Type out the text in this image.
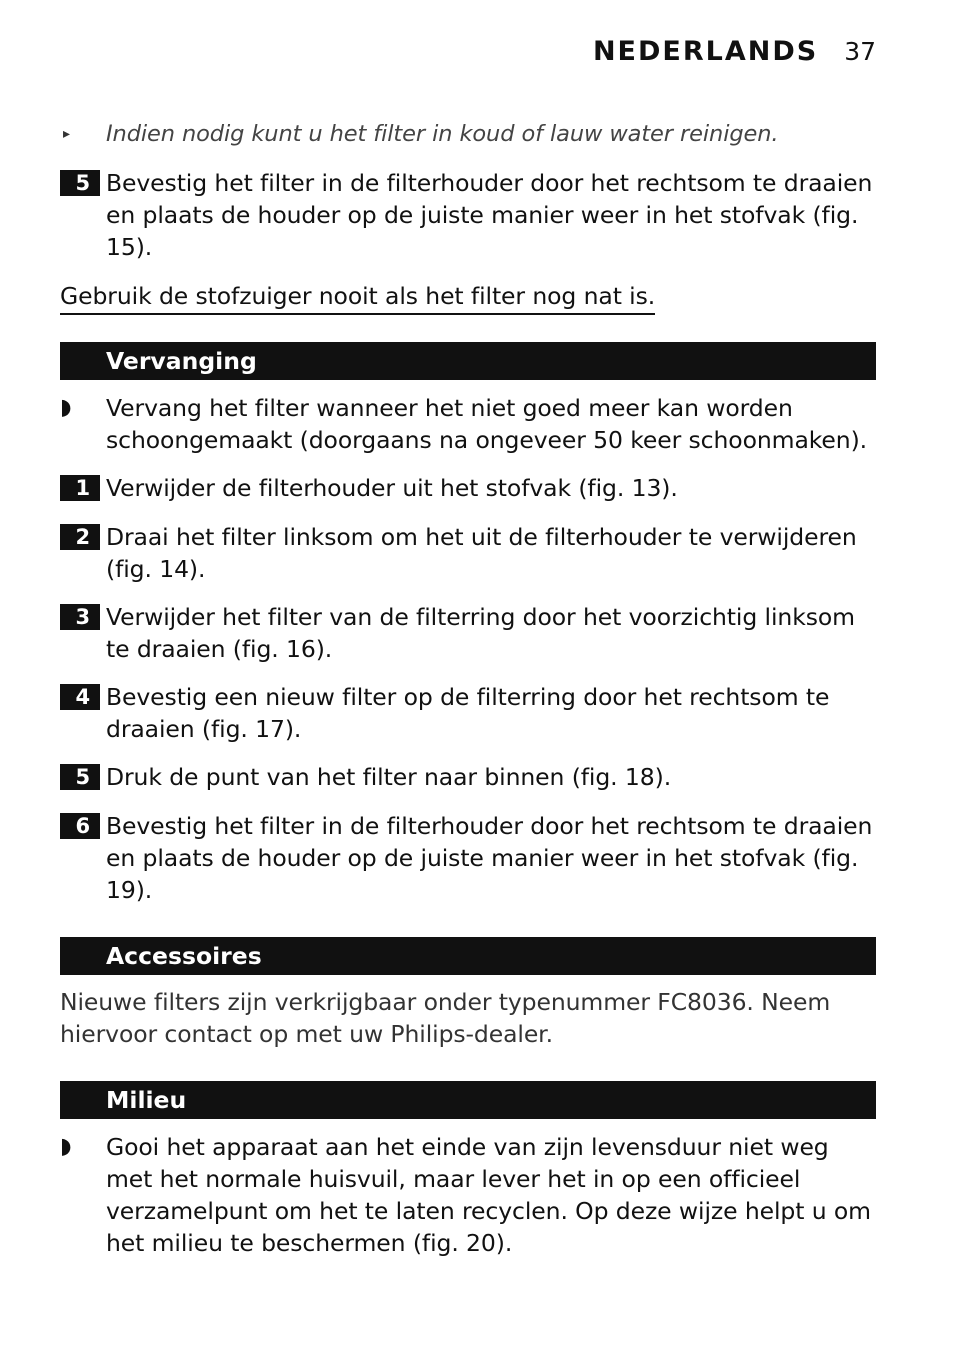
NEDERLANDS 37
▸ Indien nodig kunt u het filter in koud of lauw water reinigen.
5 Bevestig het filter in de filterhouder door het rechtsom te draaien en plaats de houder op de juiste manier weer in het stofvak (fig. 15).
Gebruik de stofzuiger nooit als het filter nog nat is.
Vervanging
◗ Vervang het filter wanneer het niet goed meer kan worden schoongemaakt (doorgaans na ongeveer 50 keer schoonmaken).
1 Verwijder de filterhouder uit het stofvak (fig. 13).
2 Draai het filter linksom om het uit de filterhouder te verwijderen (fig. 14).
3 Verwijder het filter van de filterring door het voorzichtig linksom te draaien (fig. 16).
4 Bevestig een nieuw filter op de filterring door het rechtsom te draaien (fig. 17).
5 Druk de punt van het filter naar binnen (fig. 18).
6 Bevestig het filter in de filterhouder door het rechtsom te draaien en plaats de houder op de juiste manier weer in het stofvak (fig. 19).
Accessoires
Nieuwe filters zijn verkrijgbaar onder typenummer FC8036. Neem hiervoor contact op met uw Philips-dealer.
Milieu
◗ Gooi het apparaat aan het einde van zijn levensduur niet weg met het normale huisvuil, maar lever het in op een officieel verzamelpunt om het te laten recyclen. Op deze wijze helpt u om het milieu te beschermen (fig. 20).
